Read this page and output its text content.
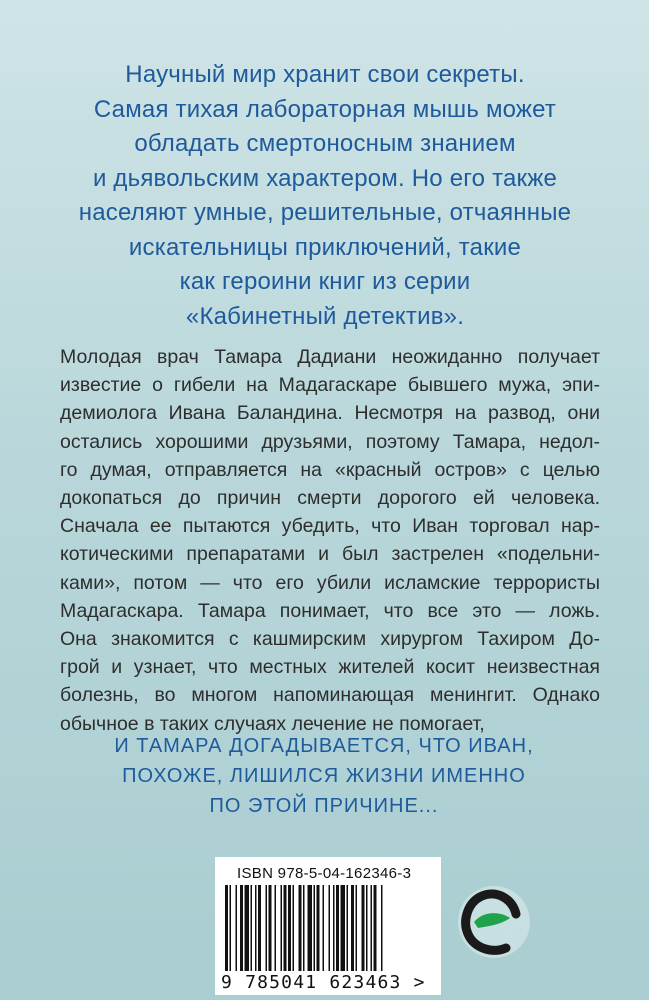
Научный мир хранит свои секреты.
Самая тихая лабораторная мышь может
обладать смертоносным знанием
и дьявольским характером. Но его также
населяют умные, решительные, отчаянные
искательницы приключений, такие
как героини книг из серии
«Кабинетный детектив».
Молодая врач Тамара Дадиани неожиданно получает
известие о гибели на Мадагаскаре бывшего мужа, эпи-
демиолога Ивана Баландина. Несмотря на развод, они
остались хорошими друзьями, поэтому Тамара, недол-
го думая, отправляется на «красный остров» с целью
докопаться до причин смерти дорогого ей человека.
Сначала ее пытаются убедить, что Иван торговал нар-
котическими препаратами и был застрелен «подельни-
ками», потом — что его убили исламские террористы
Мадагаскара. Тамара понимает, что все это — ложь.
Она знакомится с кашмирским хирургом Тахиром До-
грой и узнает, что местных жителей косит неизвестная
болезнь, во многом напоминающая менингит. Однако
обычное в таких случаях лечение не помогает,
И ТАМАРА ДОГАДЫВАЕТСЯ, ЧТО ИВАН,
ПОХОЖЕ, ЛИШИЛСЯ ЖИЗНИ ИМЕННО
ПО ЭТОЙ ПРИЧИНЕ...
ISBN 978-5-04-162346-3
9 785041 623463 >
